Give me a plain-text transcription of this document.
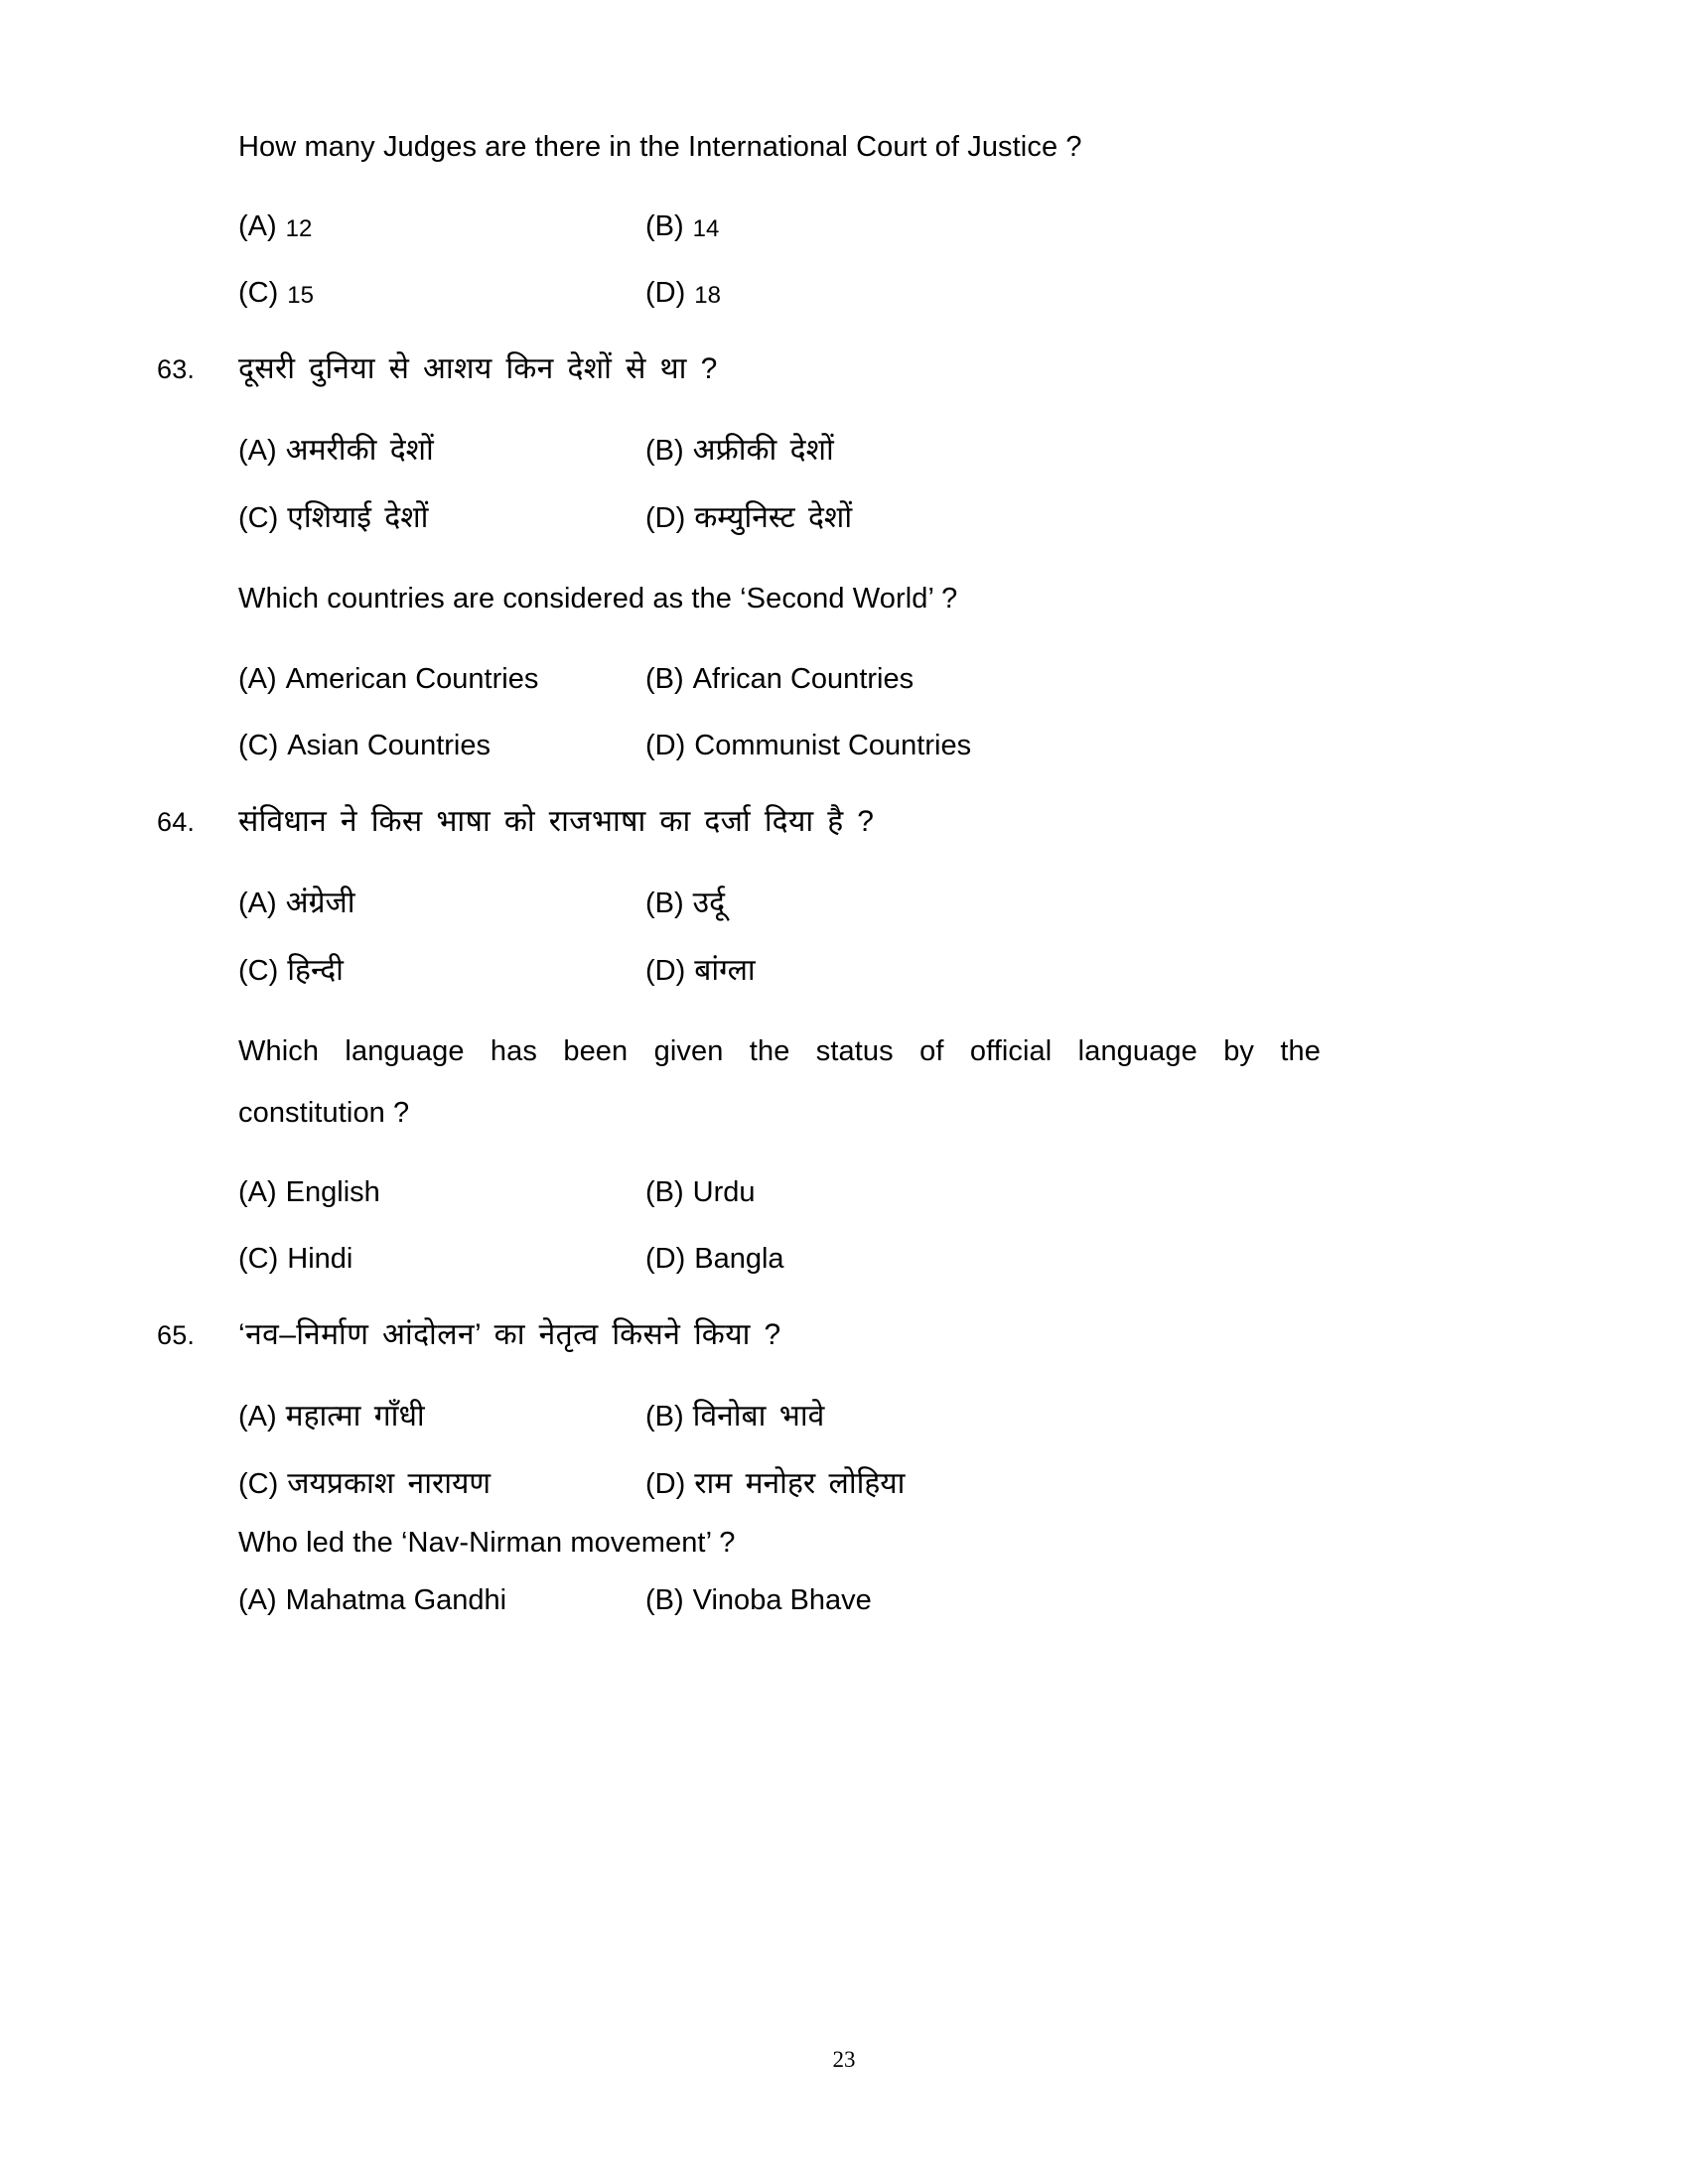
How many Judges are there in the International Court of Justice ?
(A) 12	(B) 14
(C) 15	(D) 18
63.	दूसरी दुनिया से आशय किन देशों से था ?
(A) अमरीकी देशों	(B) अफ्रीकी देशों
(C) एशियाई देशों	(D) कम्युनिस्ट देशों
Which countries are considered as the ‘Second World’ ?
(A) American Countries	(B) African Countries
(C) Asian Countries	(D) Communist Countries
64.	संविधान ने किस भाषा को राजभाषा का दर्जा दिया है ?
(A) अंग्रेजी	(B) उर्दू
(C) हिन्दी	(D) बांग्ला
Which language has been given the status of official language by the
constitution ?
(A) English	(B) Urdu
(C) Hindi	(D) Bangla
65.	‘नव–निर्माण आंदोलन’ का नेतृत्व किसने किया ?
(A) महात्मा गाँधी	(B) विनोबा भावे
(C) जयप्रकाश नारायण	(D) राम मनोहर लोहिया
Who led the ‘Nav-Nirman movement’ ?
(A) Mahatma Gandhi	(B) Vinoba Bhave
23
